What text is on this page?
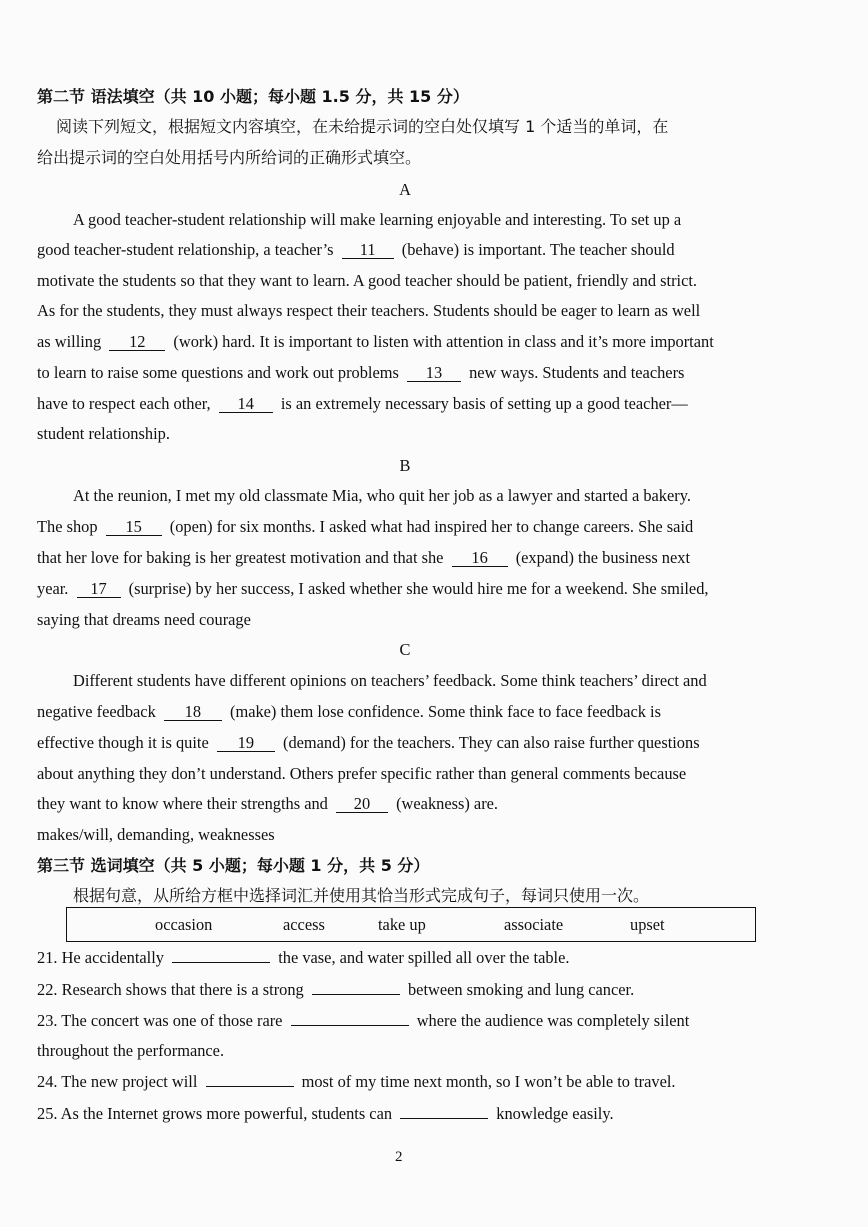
第二节 语法填空（共 10 小题；每小题 1.5 分，共 15 分）
阅读下列短文，根据短文内容填空，在未给提示词的空白处仅填写 1 个适当的单词，在
给出提示词的空白处用括号内所给词的正确形式填空。
A
A good teacher-student relationship will make learning enjoyable and interesting. To set up a
good teacher-student relationship, a teacher’s 11 (behave) is important. The teacher should
motivate the students so that they want to learn. A good teacher should be patient, friendly and strict.
As for the students, they must always respect their teachers. Students should be eager to learn as well
as willing 12 (work) hard. It is important to listen with attention in class and it’s more important
to learn to raise some questions and work out problems 13 new ways. Students and teachers
have to respect each other, 14 is an extremely necessary basis of setting up a good teacher—
student relationship.
B
At the reunion, I met my old classmate Mia, who quit her job as a lawyer and started a bakery.
The shop 15 (open) for six months. I asked what had inspired her to change careers. She said
that her love for baking is her greatest motivation and that she 16 (expand) the business next
year. 17 (surprise) by her success, I asked whether she would hire me for a weekend. She smiled,
saying that dreams need courage
C
Different students have different opinions on teachers’ feedback. Some think teachers’ direct and
negative feedback 18 (make) them lose confidence. Some think face to face feedback is
effective though it is quite 19 (demand) for the teachers. They can also raise further questions
about anything they don’t understand. Others prefer specific rather than general comments because
they want to know where their strengths and 20 (weakness) are.
makes/will, demanding, weaknesses
第三节 选词填空（共 5 小题；每小题 1 分，共 5 分）
根据句意，从所给方框中选择词汇并使用其恰当形式完成句子，每词只使用一次。
occasion	access	take up	associate	upset
21. He accidentally	the vase, and water spilled all over the table.
22. Research shows that there is a strong	between smoking and lung cancer.
23. The concert was one of those rare	where the audience was completely silent
throughout the performance.
24. The new project will	most of my time next month, so I won’t be able to travel.
25. As the Internet grows more powerful, students can	knowledge easily.
2
